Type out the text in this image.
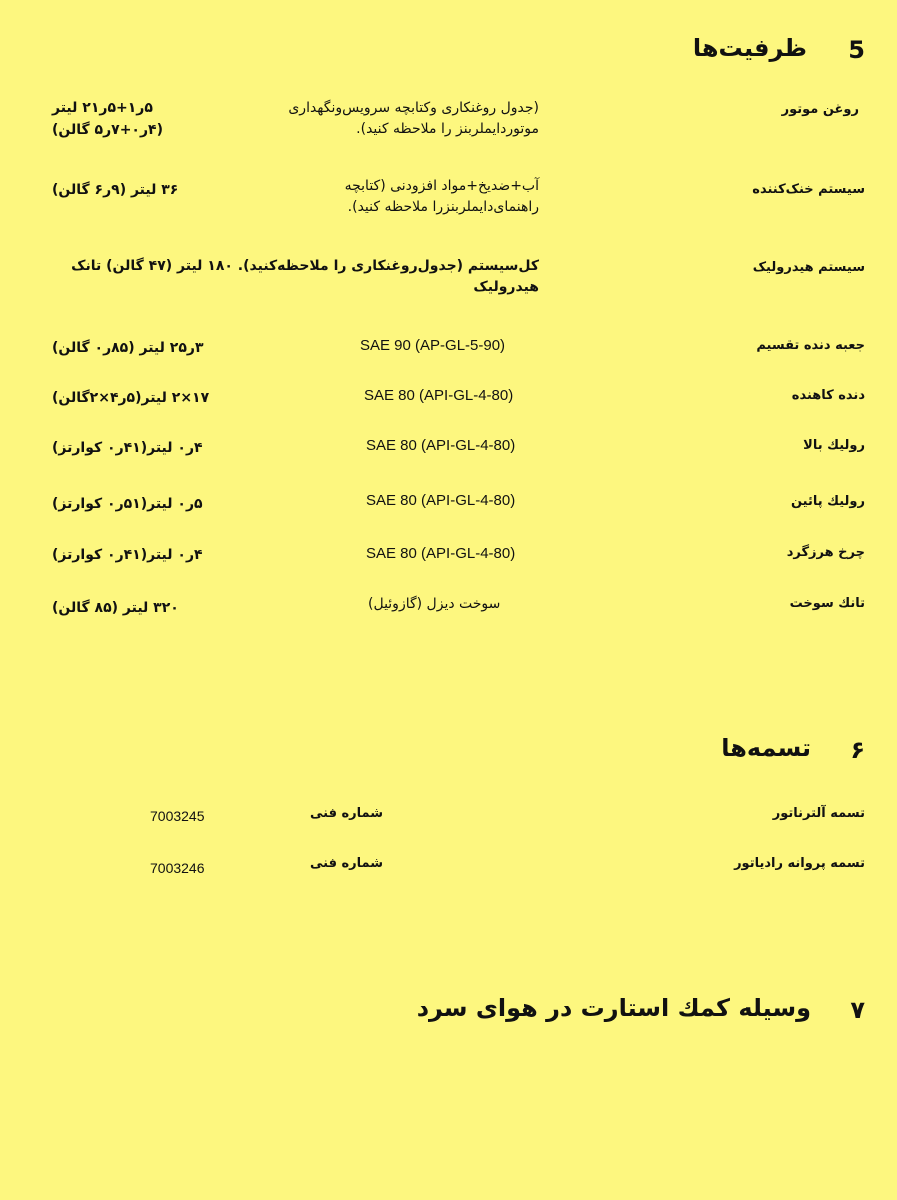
5
ظرفیت‌ها
روغن موتور
(جدول روغنکاری وکتابچه سرویس‌ونگهداری موتوردایملربنز را ملاحظه کنید).
۵ر۱+۵ر۲۱ لیتر
(۴ر۰+۷ر۵ گالن)
سیستم خنک‌کننده
آب+ضدیخ+مواد افزودنی (کتابچه راهنمای‌دایملربنزرا ملاحظه کنید).
۳۶ لیتر (۹ر۶ گالن)
سیستم هیدرولیک
کل‌سیستم (جدول‌روغنکاری را ملاحظه‌کنید). ۱۸۰ لیتر (۴۷ گالن) تانک هیدرولیک
جعبه دنده تقسیم
SAE 90 (AP-GL-5-90)
۳ر۲۵ لیتر (۸۵ر۰ گالن)
دنده کاهنده
SAE 80 (API-GL-4-80)
۱۷×۲ لیتر(۵ر۴×۲گالن)
رولیك بالا
SAE 80 (API-GL-4-80)
۴ر۰ لیتر(۴۱ر۰ کوارتز)
رولیك پائین
SAE 80 (API-GL-4-80)
۵ر۰ لیتر(۵۱ر۰ کوارتز)
چرخ هرزگرد
SAE 80 (API-GL-4-80)
۴ر۰ لیتر(۴۱ر۰ کوارتز)
تانك سوخت
سوخت دیزل (گازوئیل)
۳۲۰ لیتر (۸۵ گالن)
۶
تسمه‌ها
تسمه آلترناتور
شماره فنی
7003245
تسمه پروانه رادیاتور
شماره فنی
7003246
۷
وسیله کمك استارت در هوای سرد
